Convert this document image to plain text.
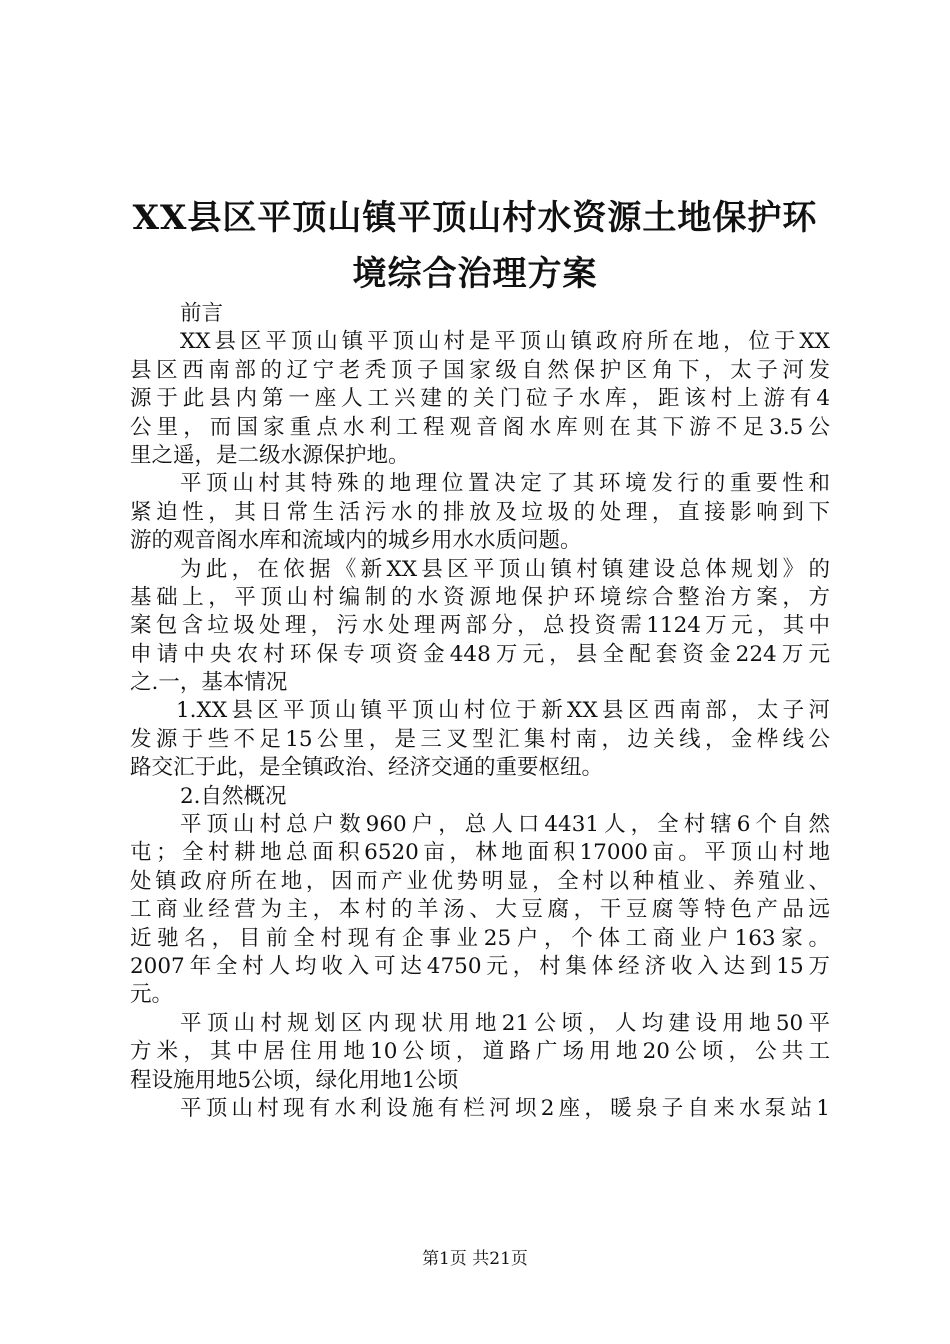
XX县区平顶山镇平顶山村水资源土地保护环
境综合治理方案
前言
XX县区平顶山镇平顶山村是平顶山镇政府所在地，位于XX
县区西南部的辽宁老秃顶子国家级自然保护区角下，太子河发
源于此县内第一座人工兴建的关门砬子水库，距该村上游有4
公里，而国家重点水利工程观音阁水库则在其下游不足3.5公
里之遥，是二级水源保护地。
平顶山村其特殊的地理位置决定了其环境发行的重要性和
紧迫性，其日常生活污水的排放及垃圾的处理，直接影响到下
游的观音阁水库和流域内的城乡用水水质问题。
为此，在依据《新XX县区平顶山镇村镇建设总体规划》的
基础上，平顶山村编制的水资源地保护环境综合整治方案，方
案包含垃圾处理，污水处理两部分，总投资需1124万元，其中
申请中央农村环保专项资金448万元，县全配套资金224万元
之.一，基本情况
1.XX县区平顶山镇平顶山村位于新XX县区西南部，太子河
发源于些不足15公里，是三叉型汇集村南，边关线，金桦线公
路交汇于此，是全镇政治、经济交通的重要枢纽。
2.自然概况
平顶山村总户数960户，总人口4431人，全村辖6个自然
屯；全村耕地总面积6520亩，林地面积17000亩。平顶山村地
处镇政府所在地，因而产业优势明显，全村以种植业、养殖业、
工商业经营为主，本村的羊汤、大豆腐，干豆腐等特色产品远
近驰名，目前全村现有企事业25户，个体工商业户163家。
2007年全村人均收入可达4750元，村集体经济收入达到15万
元。
平顶山村规划区内现状用地21公顷，人均建设用地50平
方米，其中居住用地10公顷，道路广场用地20公顷，公共工
程设施用地5公顷，绿化用地1公顷
平顶山村现有水利设施有栏河坝2座，暖泉子自来水泵站1
第1页 共21页
